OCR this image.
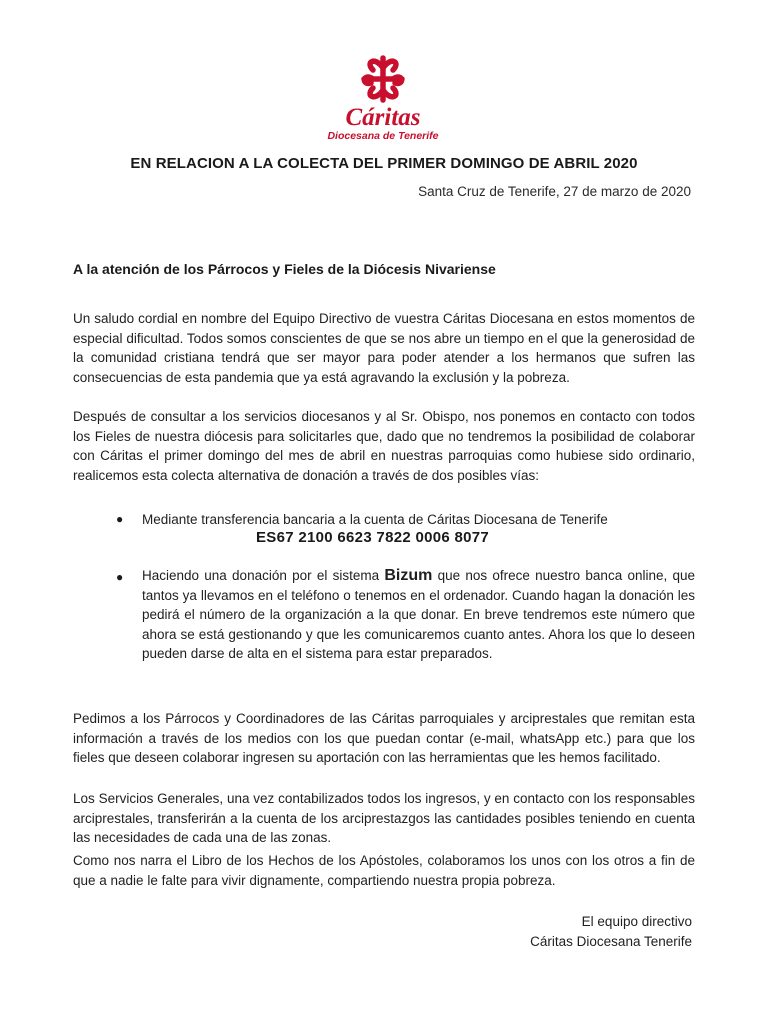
Cáritas
Diocesana de Tenerife
EN RELACION A LA COLECTA DEL PRIMER DOMINGO DE ABRIL 2020
Santa Cruz de Tenerife, 27 de marzo de 2020
A la atención de los Párrocos y Fieles de la Diócesis Nivariense
Un saludo cordial en nombre del Equipo Directivo de vuestra Cáritas Diocesana en estos momentos de especial dificultad. Todos somos conscientes de que se nos abre un tiempo en el que la generosidad de la comunidad cristiana tendrá que ser mayor para poder atender a los hermanos que sufren las consecuencias de esta pandemia que ya está agravando la exclusión y la pobreza.
Después de consultar a los servicios diocesanos y al Sr. Obispo, nos ponemos en contacto con todos los Fieles de nuestra diócesis para solicitarles que, dado que no tendremos la posibilidad de colaborar con Cáritas el primer domingo del mes de abril en nuestras parroquias como hubiese sido ordinario, realicemos esta colecta alternativa de donación a través de dos posibles vías:
● Mediante transferencia bancaria a la cuenta de Cáritas Diocesana de Tenerife
ES67 2100 6623 7822 0006 8077
● Haciendo una donación por el sistema Bizum que nos ofrece nuestro banca online, que tantos ya llevamos en el teléfono o tenemos en el ordenador. Cuando hagan la donación les pedirá el número de la organización a la que donar. En breve tendremos este número que ahora se está gestionando y que les comunicaremos cuanto antes. Ahora los que lo deseen pueden darse de alta en el sistema para estar preparados.
Pedimos a los Párrocos y Coordinadores de las Cáritas parroquiales y arciprestales que remitan esta información a través de los medios con los que puedan contar (e-mail, whatsApp etc.) para que los fieles que deseen colaborar ingresen su aportación con las herramientas que les hemos facilitado.
Los Servicios Generales, una vez contabilizados todos los ingresos, y en contacto con los responsables arciprestales, transferirán a la cuenta de los arciprestazgos las cantidades posibles teniendo en cuenta las necesidades de cada una de las zonas.
Como nos narra el Libro de los Hechos de los Apóstoles, colaboramos los unos con los otros a fin de que a nadie le falte para vivir dignamente, compartiendo nuestra propia pobreza.
El equipo directivo
Cáritas Diocesana Tenerife
